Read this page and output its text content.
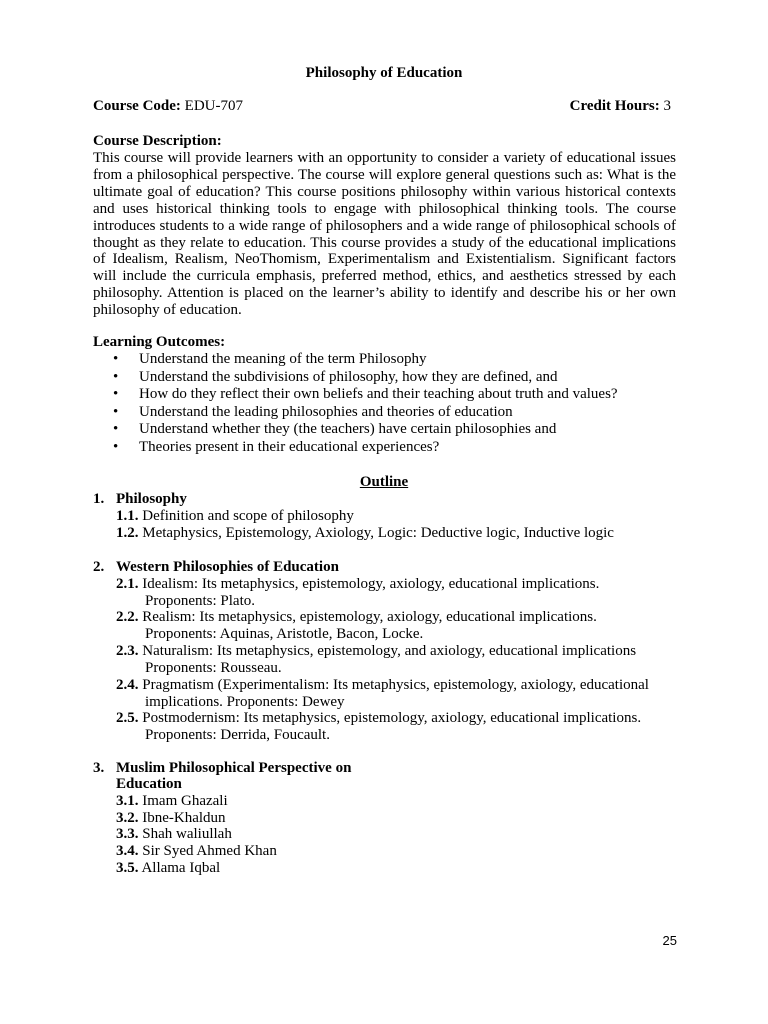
Philosophy of Education
Course Code: EDU-707	Credit Hours: 3
Course Description:
This course will provide learners with an opportunity to consider a variety of educational issues from a philosophical perspective. The course will explore general questions such as: What is the ultimate goal of education? This course positions philosophy within various historical contexts and uses historical thinking tools to engage with philosophical thinking tools. The course introduces students to a wide range of philosophers and a wide range of philosophical schools of thought as they relate to education. This course provides a study of the educational implications of Idealism, Realism, NeoThomism, Experimentalism and Existentialism. Significant factors will include the curricula emphasis, preferred method, ethics, and aesthetics stressed by each philosophy. Attention is placed on the learner’s ability to identify and describe his or her own philosophy of education.
Learning Outcomes:
• Understand the meaning of the term Philosophy
• Understand the subdivisions of philosophy, how they are defined, and
• How do they reflect their own beliefs and their teaching about truth and values?
• Understand the leading philosophies and theories of education
• Understand whether they (the teachers) have certain philosophies and
• Theories present in their educational experiences?
Outline
1. Philosophy
1.1. Definition and scope of philosophy
1.2. Metaphysics, Epistemology, Axiology, Logic: Deductive logic, Inductive logic
2. Western Philosophies of Education
2.1. Idealism: Its metaphysics, epistemology, axiology, educational implications.
Proponents: Plato.
2.2. Realism: Its metaphysics, epistemology, axiology, educational implications.
Proponents: Aquinas, Aristotle, Bacon, Locke.
2.3. Naturalism: Its metaphysics, epistemology, and axiology, educational implications
Proponents: Rousseau.
2.4. Pragmatism (Experimentalism: Its metaphysics, epistemology, axiology, educational
implications. Proponents: Dewey
2.5. Postmodernism: Its metaphysics, epistemology, axiology, educational implications.
Proponents: Derrida, Foucault.
3. Muslim Philosophical Perspective on
Education
3.1. Imam Ghazali
3.2. Ibne-Khaldun
3.3. Shah waliullah
3.4. Sir Syed Ahmed Khan
3.5. Allama Iqbal
25
